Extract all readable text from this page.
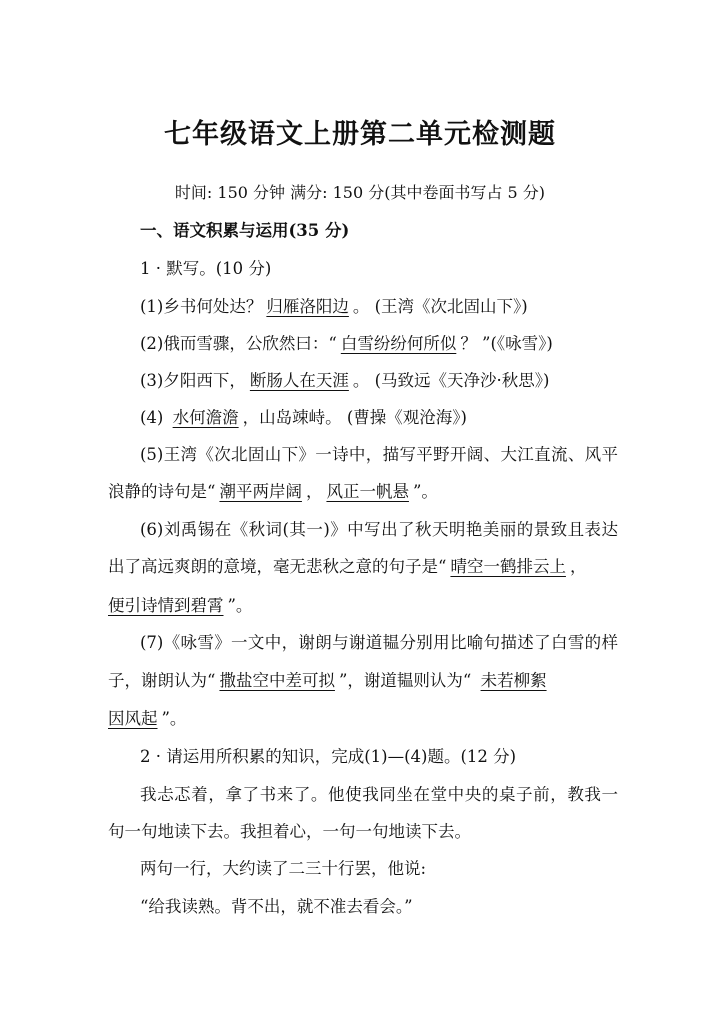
七年级语文上册第二单元检测题
时间: 150 分钟 满分: 150 分(其中卷面书写占 5 分)
一、语文积累与运用(35 分)
1 · 默写。(10 分)
(1)乡书何处达？ 归雁洛阳边 。 (王湾《次北固山下》)
(2)俄而雪骤，公欣然曰：“ 白雪纷纷何所似 ？ ”(《咏雪》)
(3)夕阳西下， 断肠人在天涯 。 (马致远《天净沙·秋思》)
(4) 水何澹澹 ，山岛竦峙。 (曹操《观沧海》)
(5)王湾《次北固山下》一诗中，描写平野开阔、大江直流、风平
浪静的诗句是“ 潮平两岸阔 ， 风正一帆悬 ”。
(6)刘禹锡在《秋词(其一)》中写出了秋天明艳美丽的景致且表达
出了高远爽朗的意境，毫无悲秋之意的句子是“ 晴空一鹤排云上 ，
便引诗情到碧霄 ”。
(7)《咏雪》一文中，谢朗与谢道韫分别用比喻句描述了白雪的样
子，谢朗认为“ 撒盐空中差可拟 ”，谢道韫则认为“ 未若柳絮
因风起 ”。
2 · 请运用所积累的知识，完成(1)—(4)题。(12 分)
我忐忑着，拿了书来了。他使我同坐在堂中央的桌子前，教我一
句一句地读下去。我担着心，一句一句地读下去。
两句一行，大约读了二三十行罢，他说:
“给我读熟。背不出，就不准去看会。”
